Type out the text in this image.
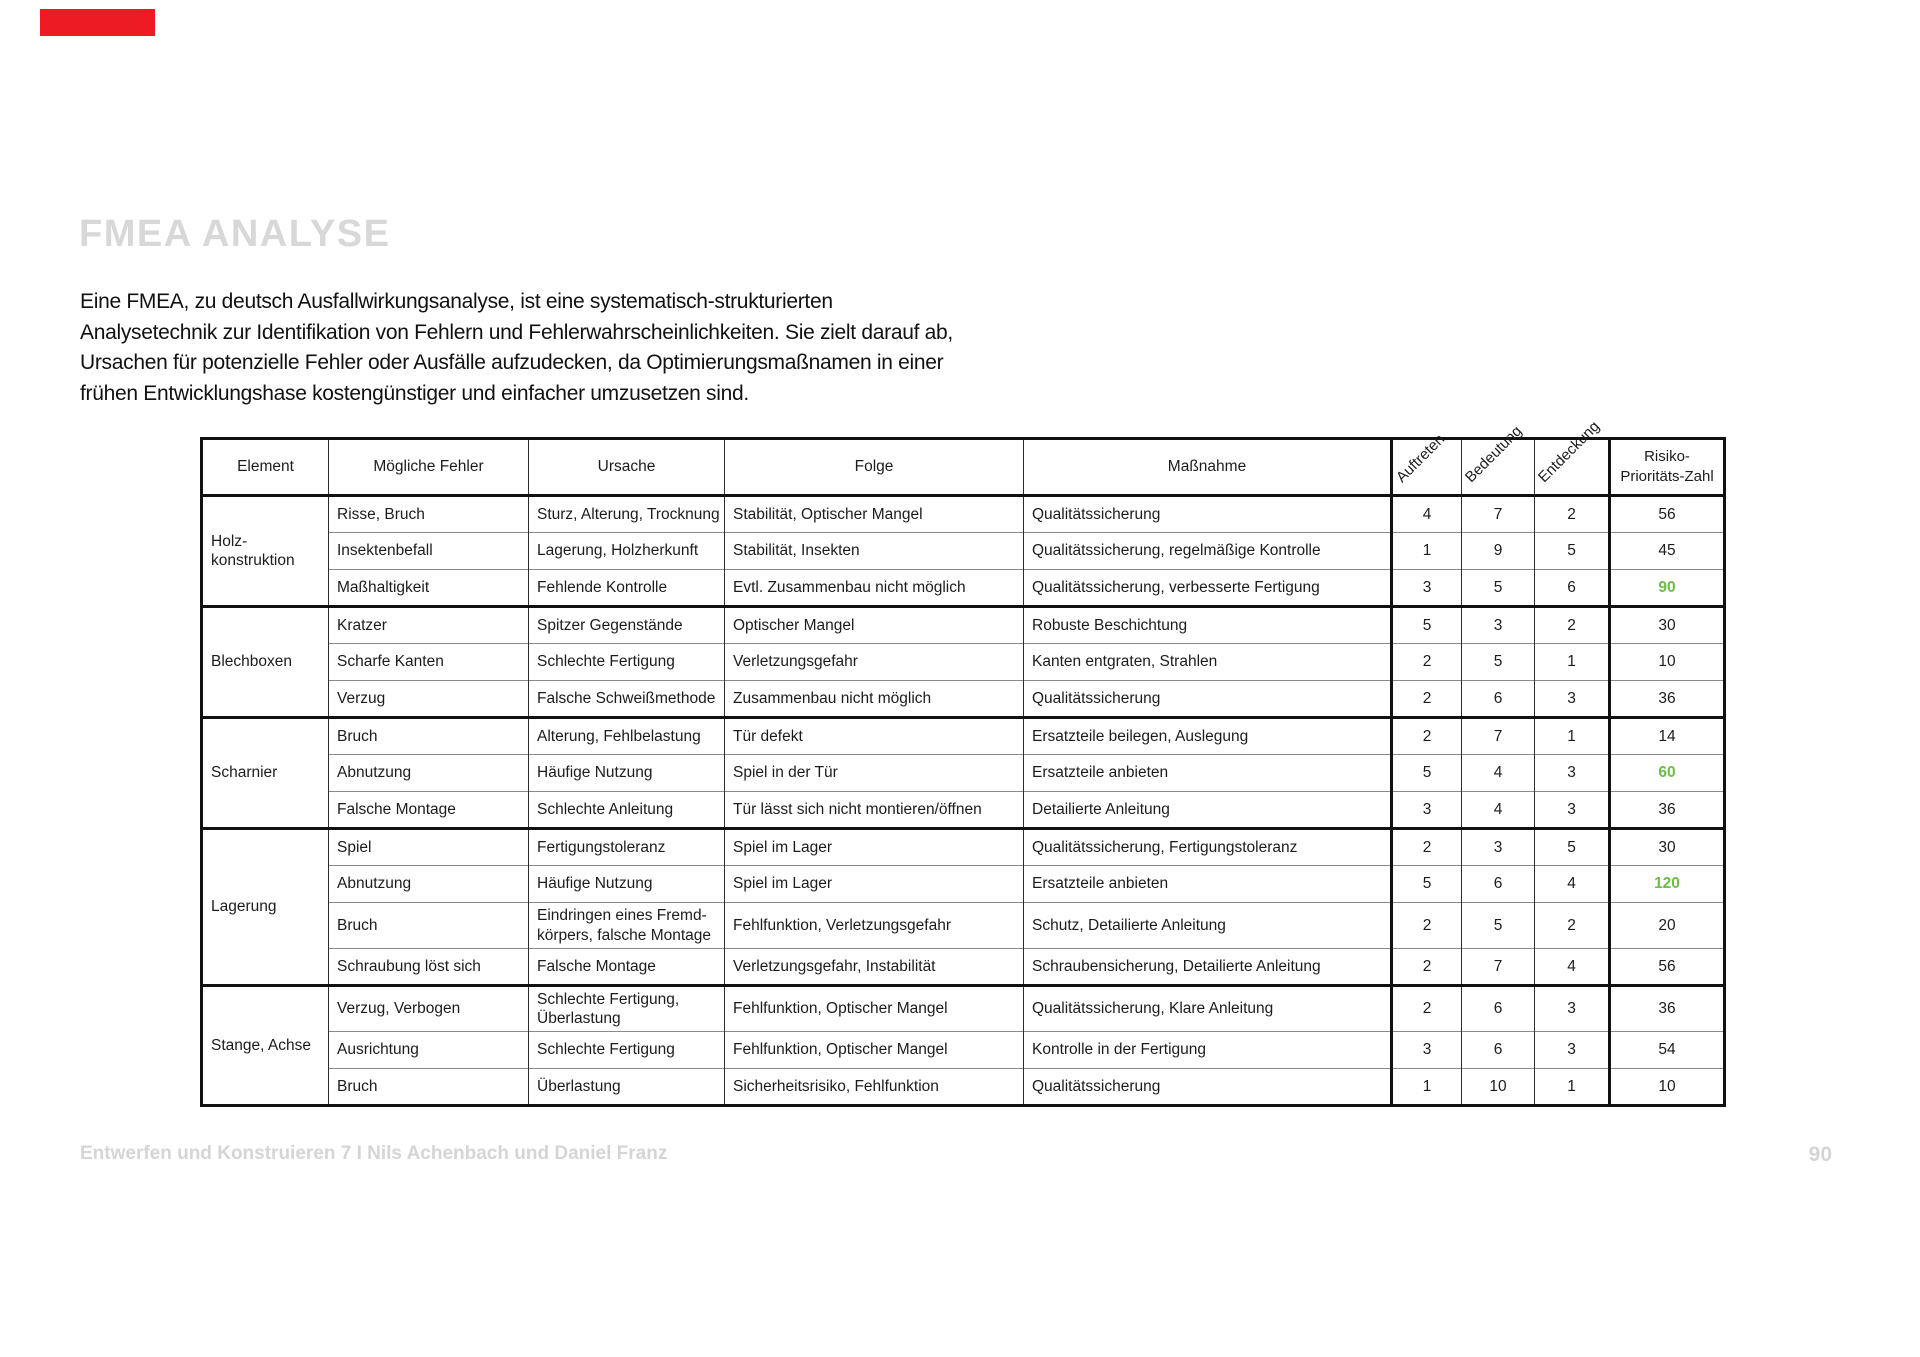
FMEA ANALYSE
Eine FMEA, zu deutsch Ausfallwirkungsanalyse, ist eine systematisch-strukturierten
Analysetechnik zur Identifikation von Fehlern und Fehlerwahrscheinlichkeiten. Sie zielt darauf ab,
Ursachen für potenzielle Fehler oder Ausfälle aufzudecken, da Optimierungsmaßnamen in einer
frühen Entwicklungshase kostengünstiger und einfacher umzusetzen sind.
Element	Mögliche Fehler	Ursache	Folge	Maßnahme	Auftreten	Bedeutung	Entdeckung	Risiko-
Prioritäts-Zahl
Holz-konstruktion	Risse, Bruch	Sturz, Alterung, Trocknung	Stabilität, Optischer Mangel	Qualitätssicherung	4	7	2	56
	Insektenbefall	Lagerung, Holzherkunft	Stabilität, Insekten	Qualitätssicherung, regelmäßige Kontrolle	1	9	5	45
	Maßhaltigkeit	Fehlende Kontrolle	Evtl. Zusammenbau nicht möglich	Qualitätssicherung, verbesserte Fertigung	3	5	6	90
Blechboxen	Kratzer	Spitzer Gegenstände	Optischer Mangel	Robuste Beschichtung	5	3	2	30
	Scharfe Kanten	Schlechte Fertigung	Verletzungsgefahr	Kanten entgraten, Strahlen	2	5	1	10
	Verzug	Falsche Schweißmethode	Zusammenbau nicht möglich	Qualitätssicherung	2	6	3	36
Scharnier	Bruch	Alterung, Fehlbelastung	Tür defekt	Ersatzteile beilegen, Auslegung	2	7	1	14
	Abnutzung	Häufige Nutzung	Spiel in der Tür	Ersatzteile anbieten	5	4	3	60
	Falsche Montage	Schlechte Anleitung	Tür lässt sich nicht montieren/öffnen	Detailierte Anleitung	3	4	3	36
Lagerung	Spiel	Fertigungstoleranz	Spiel im Lager	Qualitätssicherung, Fertigungstoleranz	2	3	5	30
	Abnutzung	Häufige Nutzung	Spiel im Lager	Ersatzteile anbieten	5	6	4	120
	Bruch	Eindringen eines Fremd-körpers, falsche Montage	Fehlfunktion, Verletzungsgefahr	Schutz, Detailierte Anleitung	2	5	2	20
	Schraubung löst sich	Falsche Montage	Verletzungsgefahr, Instabilität	Schraubensicherung, Detailierte Anleitung	2	7	4	56
Stange, Achse	Verzug, Verbogen	Schlechte Fertigung, Überlastung	Fehlfunktion, Optischer Mangel	Qualitätssicherung, Klare Anleitung	2	6	3	36
	Ausrichtung	Schlechte Fertigung	Fehlfunktion, Optischer Mangel	Kontrolle in der Fertigung	3	6	3	54
	Bruch	Überlastung	Sicherheitsrisiko, Fehlfunktion	Qualitätssicherung	1	10	1	10
Entwerfen und Konstruieren 7 I Nils Achenbach und Daniel Franz	90
